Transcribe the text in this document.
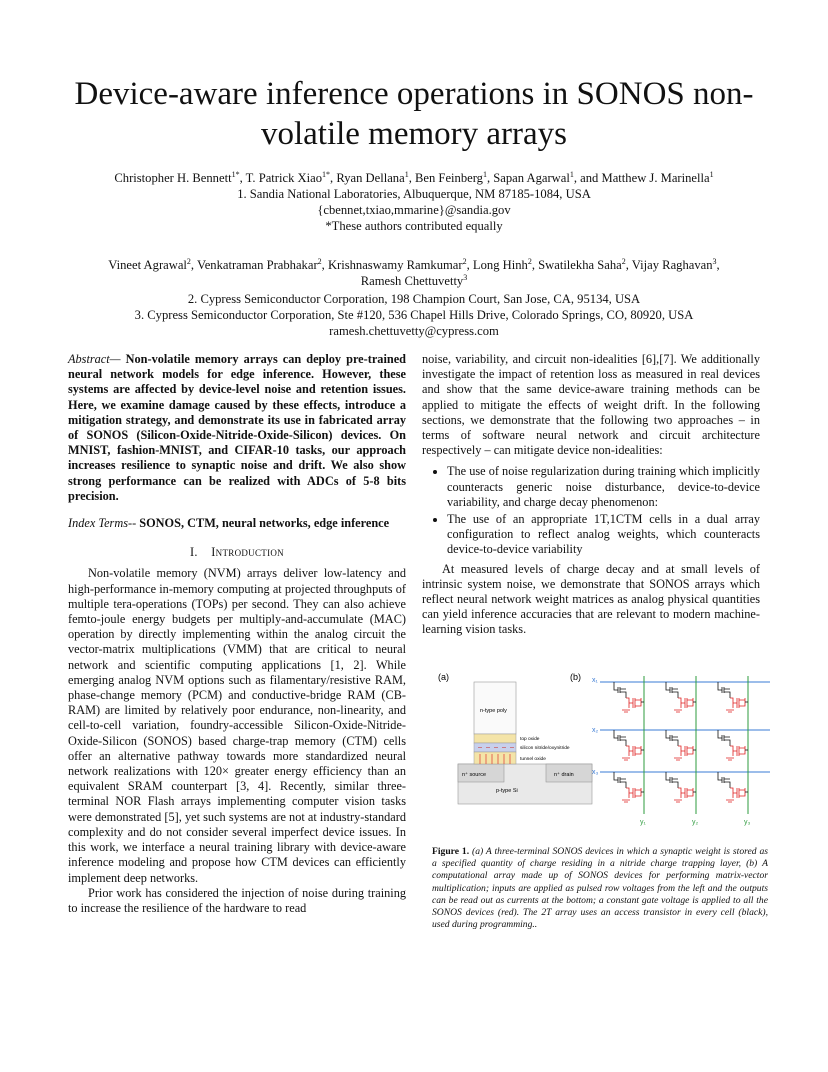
Device-aware inference operations in SONOS non-volatile memory arrays
Christopher H. Bennett$^{1*}$, T. Patrick Xiao$^{1*}$, Ryan Dellana$^1$, Ben Feinberg$^1$, Sapan Agarwal$^1$, and Matthew J. Marinella$^1$
1. Sandia National Laboratories, Albuquerque, NM 87185-1084, USA
{cbennet,txiao,mmarine}@sandia.gov
*These authors contributed equally
Vineet Agrawal$^2$, Venkatraman Prabhakar$^2$, Krishnaswamy Ramkumar$^2$, Long Hinh$^2$, Swatilekha Saha$^2$, Vijay Raghavan$^3$,
Ramesh Chettuvetty$^3$
2. Cypress Semiconductor Corporation, 198 Champion Court, San Jose, CA, 95134, USA
3. Cypress Semiconductor Corporation, Ste #120, 536 Chapel Hills Drive, Colorado Springs, CO, 80920, USA
ramesh.chettuvetty@cypress.com

Abstract— Non-volatile memory arrays can deploy pre-trained neural network models for edge inference. However, these systems are affected by device-level noise and retention issues. Here, we examine damage caused by these effects, introduce a mitigation strategy, and demonstrate its use in fabricated array of SONOS (Silicon-Oxide-Nitride-Oxide-Silicon) devices. On MNIST, fashion-MNIST, and CIFAR-10 tasks, our approach increases resilience to synaptic noise and drift. We also show strong performance can be realized with ADCs of 5-8 bits precision.

Index Terms-- SONOS, CTM, neural networks, edge inference

I. Introduction

Non-volatile memory (NVM) arrays deliver low-latency and high-performance in-memory computing at projected throughputs of multiple tera-operations (TOPs) per second. They can also achieve femto-joule energy budgets per multiply-and-accumulate (MAC) operation by directly implementing within the analog circuit the vector-matrix multiplications (VMM) that are critical to neural network and scientific computing applications [1, 2]. While emerging analog NVM options such as filamentary/resistive RAM, phase-change memory (PCM) and conductive-bridge RAM (CB-RAM) are limited by relatively poor endurance, non-linearity, and cell-to-cell variation, foundry-accessible Silicon-Oxide-Nitride-Oxide-Silicon (SONOS) based charge-trap memory (CTM) cells offer an alternative pathway towards more standardized neural network realizations with 120× greater energy efficiency than an equivalent SRAM counterpart [3, 4]. Recently, similar three-terminal NOR Flash arrays implementing computer vision tasks were demonstrated [5], yet such systems are not at industry-standard complexity and do not consider several imperfect device issues. In this work, we interface a neural training library with device-aware inference modeling and propose how CTM devices can efficiently implement deep networks.

Prior work has considered the injection of noise during training to increase the resilience of the hardware to read

noise, variability, and circuit non-idealities [6],[7]. We additionally investigate the impact of retention loss as measured in real devices and show that the same device-aware training methods can be applied to mitigate the effects of weight drift. In the following sections, we demonstrate that the following two approaches – in terms of software neural network and circuit architecture respectively – can mitigate device non-idealities:

• The use of noise regularization during training which implicitly counteracts generic noise disturbance, device-to-device variability, and charge decay phenomenon:
• The use of an appropriate 1T,1CTM cells in a dual array configuration to reflect analog weights, which counteracts device-to-device variability

At measured levels of charge decay and at small levels of intrinsic system noise, we demonstrate that SONOS arrays which reflect neural network weight matrices as analog physical quantities can yield inference accuracies that are relevant to modern machine-learning vision tasks.

(a)
p-type Si
n⁺ source	n⁺ drain
n-type poly
top oxide
silicon nitride/oxynitride
tunnel oxide
(b) x₁
x₂
x₃
y₁	y₂	y₃
Figure 1. (a) A three-terminal SONOS devices in which a synaptic weight is stored as a specified quantity of charge residing in a nitride charge trapping layer, (b) A computational array made up of SONOS devices for performing matrix-vector multiplication; inputs are applied as pulsed row voltages from the left and the outputs can be read out as currents at the bottom; a constant gate voltage is applied to all the SONOS devices (red). The 2T array uses an access transistor in every cell (black), used during programming..
